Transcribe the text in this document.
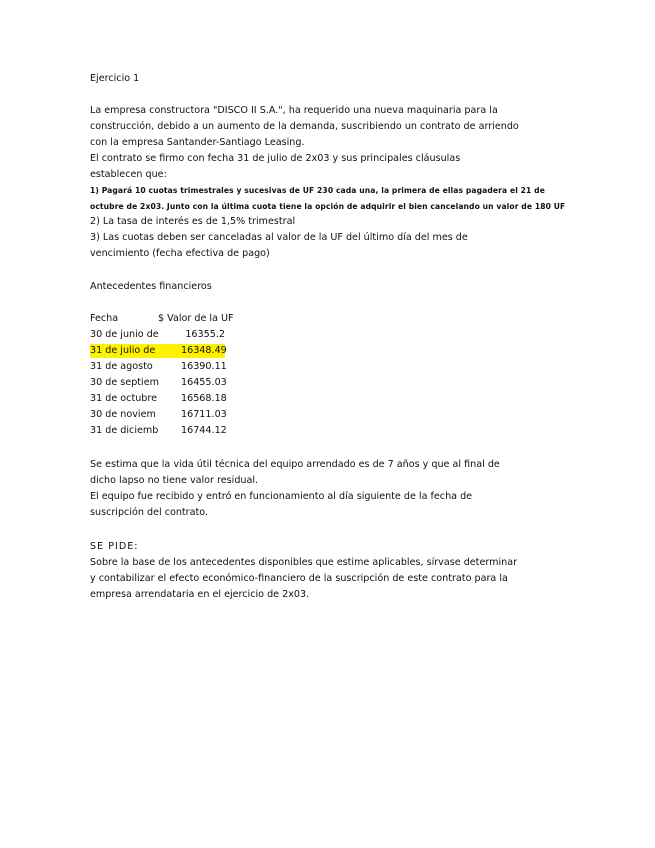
Ejercicio 1
La empresa constructora "DISCO II S.A.", ha requerido una nueva maquinaria para la
construcción, debido a un aumento de la demanda, suscribiendo un contrato de arriendo
con la empresa Santander-Santiago Leasing.
El contrato se firmo con fecha 31 de julio de 2x03 y sus principales cláusulas
establecen que:
1) Pagará 10 cuotas trimestrales y sucesivas de UF 230 cada una, la primera de ellas pagadera el 21 de
octubre de 2x03. Junto con la última cuota tiene la opción de adquirir el bien cancelando un valor de 180 UF
2) La tasa de interés es de 1,5% trimestral
3) Las cuotas deben ser canceladas al valor de la UF del último día del mes de
vencimiento (fecha efectiva de pago)
Antecedentes financieros
Fecha	$ Valor de la UF
30 de junio de	16355.2
31 de julio de	16348.49
31 de agosto	16390.11
30 de septiem 16455.03
31 de octubre	16568.18
30 de noviem	16711.03
31 de diciemb 16744.12
Se estima que la vida útil técnica del equipo arrendado es de 7 años y que al final de
dicho lapso no tiene valor residual.
El equipo fue recibido y entró en funcionamiento al día siguiente de la fecha de
suscripción del contrato.
SE PIDE:
Sobre la base de los antecedentes disponibles que estime aplicables, sírvase determinar
y contabilizar el efecto económico-financiero de la suscripción de este contrato para la
empresa arrendataria en el ejercicio de 2x03.
